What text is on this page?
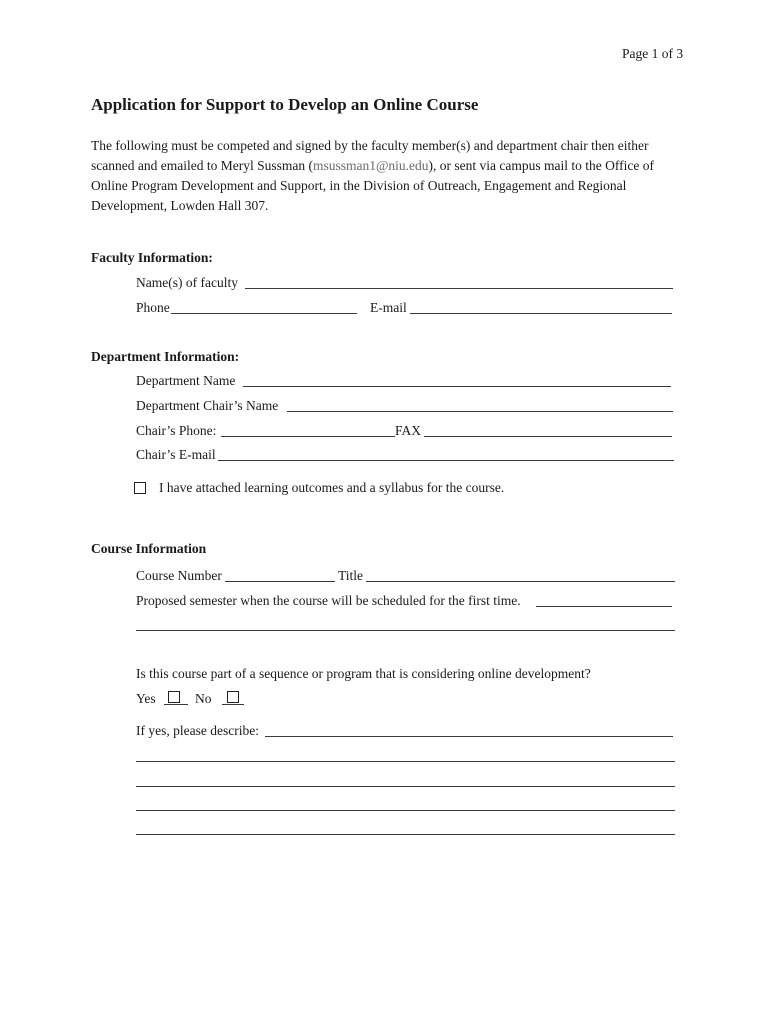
Page 1 of 3
Application for Support to Develop an Online Course
The following must be competed and signed by the faculty member(s) and department chair then either scanned and emailed to Meryl Sussman (msussman1@niu.edu), or sent via campus mail to the Office of Online Program Development and Support, in the Division of Outreach, Engagement and Regional Development, Lowden Hall 307.
Faculty Information:
Name(s) of faculty
Phone	E-mail
Department Information:
Department Name
Department Chair’s Name
Chair’s Phone:	FAX
Chair’s E-mail
I have attached learning outcomes and a syllabus for the course.
Course Information
Course Number	Title
Proposed semester when the course will be scheduled for the first time.
Is this course part of a sequence or program that is considering online development?
Yes	No
If yes, please describe:
